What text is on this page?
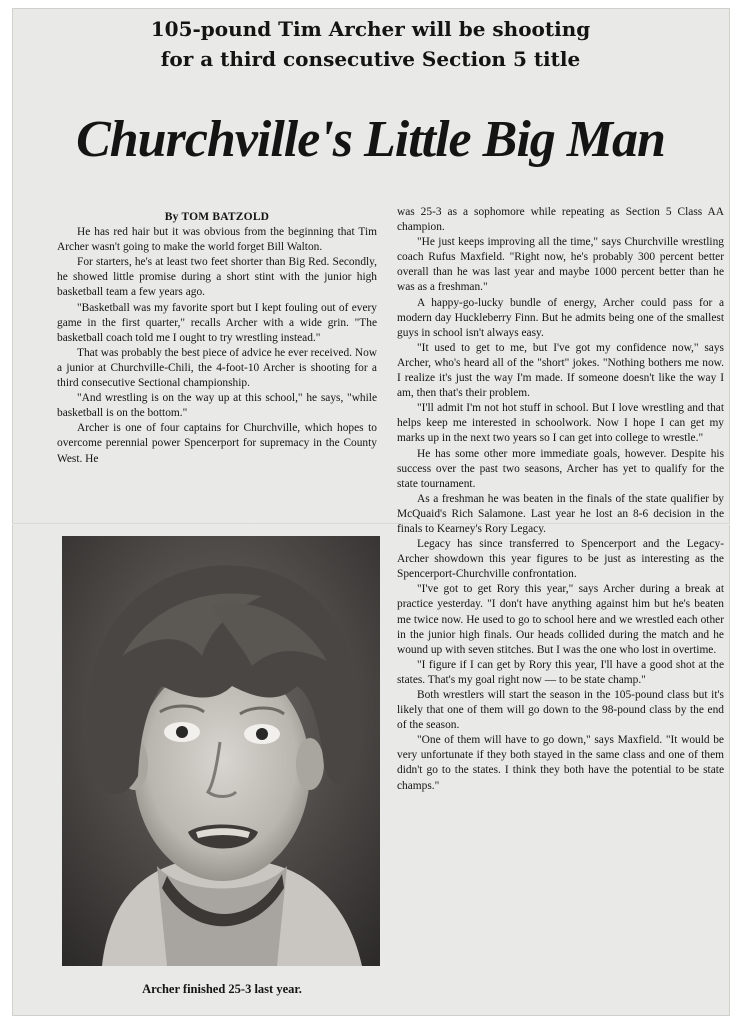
105-pound Tim Archer will be shooting
for a third consecutive Section 5 title
Churchville's Little Big Man
By TOM BATZOLD

He has red hair but it was obvious from the beginning that Tim Archer wasn't going to make the world forget Bill Walton.

For starters, he's at least two feet shorter than Big Red. Secondly, he showed little promise during a short stint with the junior high basketball team a few years ago.

"Basketball was my favorite sport but I kept fouling out of every game in the first quarter," recalls Archer with a wide grin. "The basketball coach told me I ought to try wrestling instead."

That was probably the best piece of advice he ever received. Now a junior at Churchville-Chili, the 4-foot-10 Archer is shooting for a third consecutive Sectional championship.

"And wrestling is on the way up at this school," he says, "while basketball is on the bottom."

Archer is one of four captains for Churchville, which hopes to overcome perennial power Spencerport for supremacy in the County West. He

Archer finished 25-3 last year.

was 25-3 as a sophomore while repeating as Section 5 Class AA champion.

"He just keeps improving all the time," says Churchville wrestling coach Rufus Maxfield. "Right now, he's probably 300 percent better overall than he was last year and maybe 1000 percent better than he was as a freshman."

A happy-go-lucky bundle of energy, Archer could pass for a modern day Huckleberry Finn. But he admits being one of the smallest guys in school isn't always easy.

"It used to get to me, but I've got my confidence now," says Archer, who's heard all of the "short" jokes. "Nothing bothers me now. I realize it's just the way I'm made. If someone doesn't like the way I am, then that's their problem.

"I'll admit I'm not hot stuff in school. But I love wrestling and that helps keep me interested in schoolwork. Now I hope I can get my marks up in the next two years so I can get into college to wrestle."

He has some other more immediate goals, however. Despite his success over the past two seasons, Archer has yet to qualify for the state tournament.

As a freshman he was beaten in the finals of the state qualifier by McQuaid's Rich Salamone. Last year he lost an 8-6 decision in the finals to Kearney's Rory Legacy.

Legacy has since transferred to Spencerport and the Legacy-Archer showdown this year figures to be just as interesting as the Spencerport-Churchville confrontation.

"I've got to get Rory this year," says Archer during a break at practice yesterday. "I don't have anything against him but he's beaten me twice now. He used to go to school here and we wrestled each other in the junior high finals. Our heads collided during the match and he wound up with seven stitches. But I was the one who lost in overtime.

"I figure if I can get by Rory this year, I'll have a good shot at the states. That's my goal right now — to be state champ."

Both wrestlers will start the season in the 105-pound class but it's likely that one of them will go down to the 98-pound class by the end of the season.

"One of them will have to go down," says Maxfield. "It would be very unfortunate if they both stayed in the same class and one of them didn't go to the states. I think they both have the potential to be state champs."
